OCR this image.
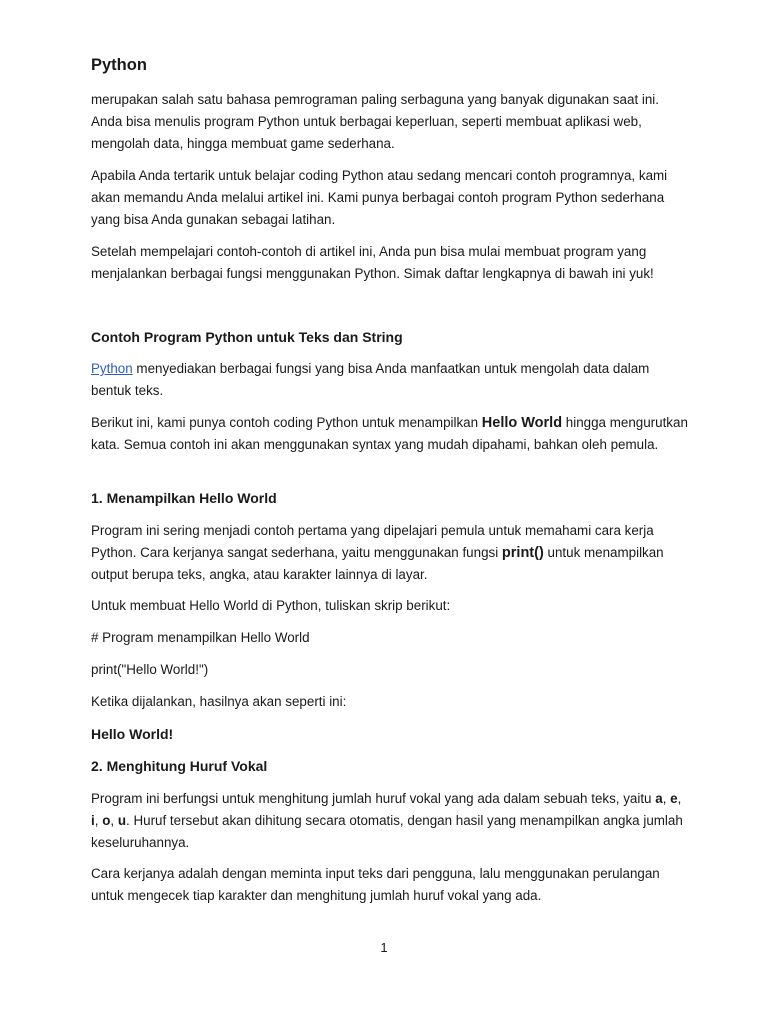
Python

merupakan salah satu bahasa pemrograman paling serbaguna yang banyak digunakan saat ini. Anda bisa menulis program Python untuk berbagai keperluan, seperti membuat aplikasi web, mengolah data, hingga membuat game sederhana.

Apabila Anda tertarik untuk belajar coding Python atau sedang mencari contoh programnya, kami akan memandu Anda melalui artikel ini. Kami punya berbagai contoh program Python sederhana yang bisa Anda gunakan sebagai latihan.

Setelah mempelajari contoh-contoh di artikel ini, Anda pun bisa mulai membuat program yang menjalankan berbagai fungsi menggunakan Python. Simak daftar lengkapnya di bawah ini yuk!

Contoh Program Python untuk Teks dan String

Python menyediakan berbagai fungsi yang bisa Anda manfaatkan untuk mengolah data dalam bentuk teks.

Berikut ini, kami punya contoh coding Python untuk menampilkan Hello World hingga mengurutkan kata. Semua contoh ini akan menggunakan syntax yang mudah dipahami, bahkan oleh pemula.

1. Menampilkan Hello World

Program ini sering menjadi contoh pertama yang dipelajari pemula untuk memahami cara kerja Python. Cara kerjanya sangat sederhana, yaitu menggunakan fungsi print() untuk menampilkan output berupa teks, angka, atau karakter lainnya di layar.

Untuk membuat Hello World di Python, tuliskan skrip berikut:

# Program menampilkan Hello World

print("Hello World!")

Ketika dijalankan, hasilnya akan seperti ini:

Hello World!

2. Menghitung Huruf Vokal

Program ini berfungsi untuk menghitung jumlah huruf vokal yang ada dalam sebuah teks, yaitu a, e, i, o, u. Huruf tersebut akan dihitung secara otomatis, dengan hasil yang menampilkan angka jumlah keseluruhannya.

Cara kerjanya adalah dengan meminta input teks dari pengguna, lalu menggunakan perulangan untuk mengecek tiap karakter dan menghitung jumlah huruf vokal yang ada.

1
